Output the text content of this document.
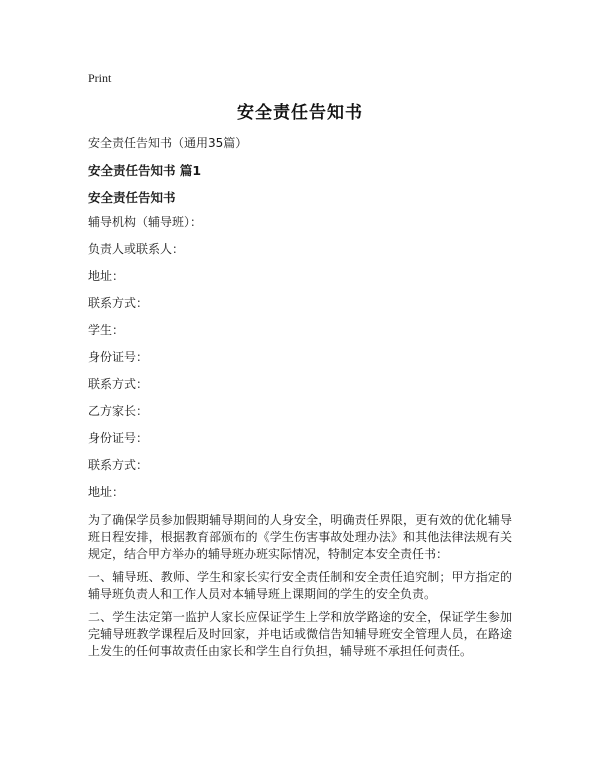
Print
安全责任告知书
安全责任告知书（通用35篇）
安全责任告知书 篇1
安全责任告知书
辅导机构（辅导班）：
负责人或联系人：
地址：
联系方式：
学生：
身份证号：
联系方式：
乙方家长：
身份证号：
联系方式：
地址：

为了确保学员参加假期辅导期间的人身安全，明确责任界限，更有效的优化辅导班日程安排，根据教育部颁布的《学生伤害事故处理办法》和其他法律法规有关规定，结合甲方举办的辅导班办班实际情况，特制定本安全责任书：

一、辅导班、教师、学生和家长实行安全责任制和安全责任追究制；甲方指定的辅导班负责人和工作人员对本辅导班上课期间的学生的安全负责。

二、学生法定第一监护人家长应保证学生上学和放学路途的安全，保证学生参加完辅导班教学课程后及时回家，并电话或微信告知辅导班安全管理人员，在路途上发生的任何事故责任由家长和学生自行负担，辅导班不承担任何责任。
